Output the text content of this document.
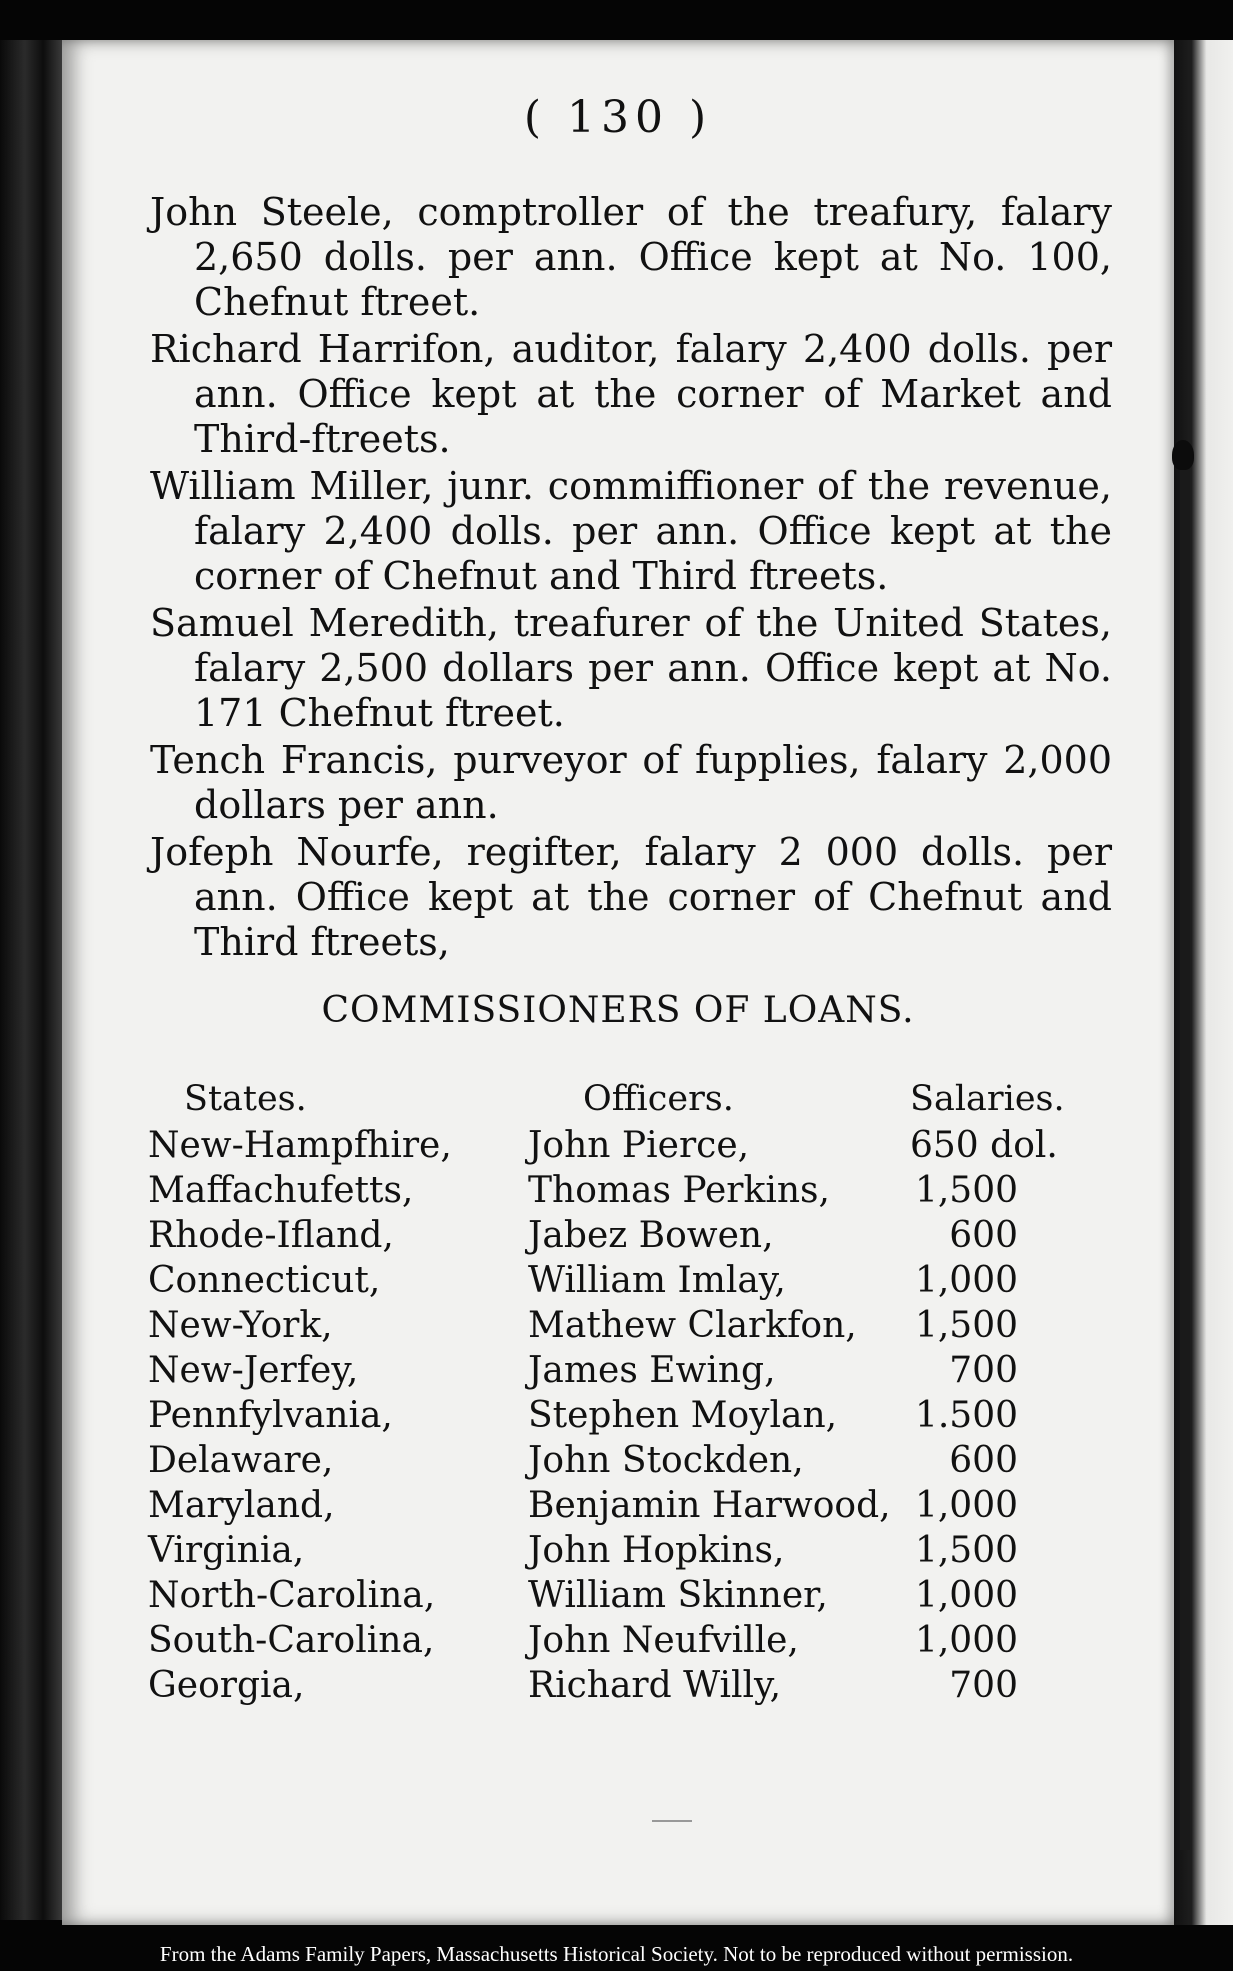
( 130 )

John Steele, comptroller of the treafury, falary 2,650 dolls. per ann. Office kept at No. 100, Chefnut ftreet.

Richard Harrifon, auditor, falary 2,400 dolls. per ann. Office kept at the corner of Market and Third-ftreets.

William Miller, junr. commiffioner of the revenue, falary 2,400 dolls. per ann. Office kept at the corner of Chefnut and Third ftreets.

Samuel Meredith, treafurer of the United States, falary 2,500 dollars per ann. Office kept at No. 171 Chefnut ftreet.

Tench Francis, purveyor of fupplies, falary 2,000 dollars per ann.

Jofeph Nourfe, regifter, falary 2 000 dolls. per ann. Office kept at the corner of Chefnut and Third ftreets,

COMMISSIONERS OF LOANS.
States.	Officers.	Salaries.
New-Hampfhire,	John Pierce,	650 dol.
Maffachufetts,	Thomas Perkins,	1,500
Rhode-Ifland,	Jabez Bowen,	600
Connecticut,	William Imlay,	1,000
New-York,	Mathew Clarkfon,	1,500
New-Jerfey,	James Ewing,	700
Pennfylvania,	Stephen Moylan,	1.500
Delaware,	John Stockden,	600
Maryland,	Benjamin Harwood,	1,000
Virginia,	John Hopkins,	1,500
North-Carolina,	William Skinner,	1,000
South-Carolina,	John Neufville,	1,000
Georgia,	Richard Willy,	700
From the Adams Family Papers, Massachusetts Historical Society. Not to be reproduced without permission.
